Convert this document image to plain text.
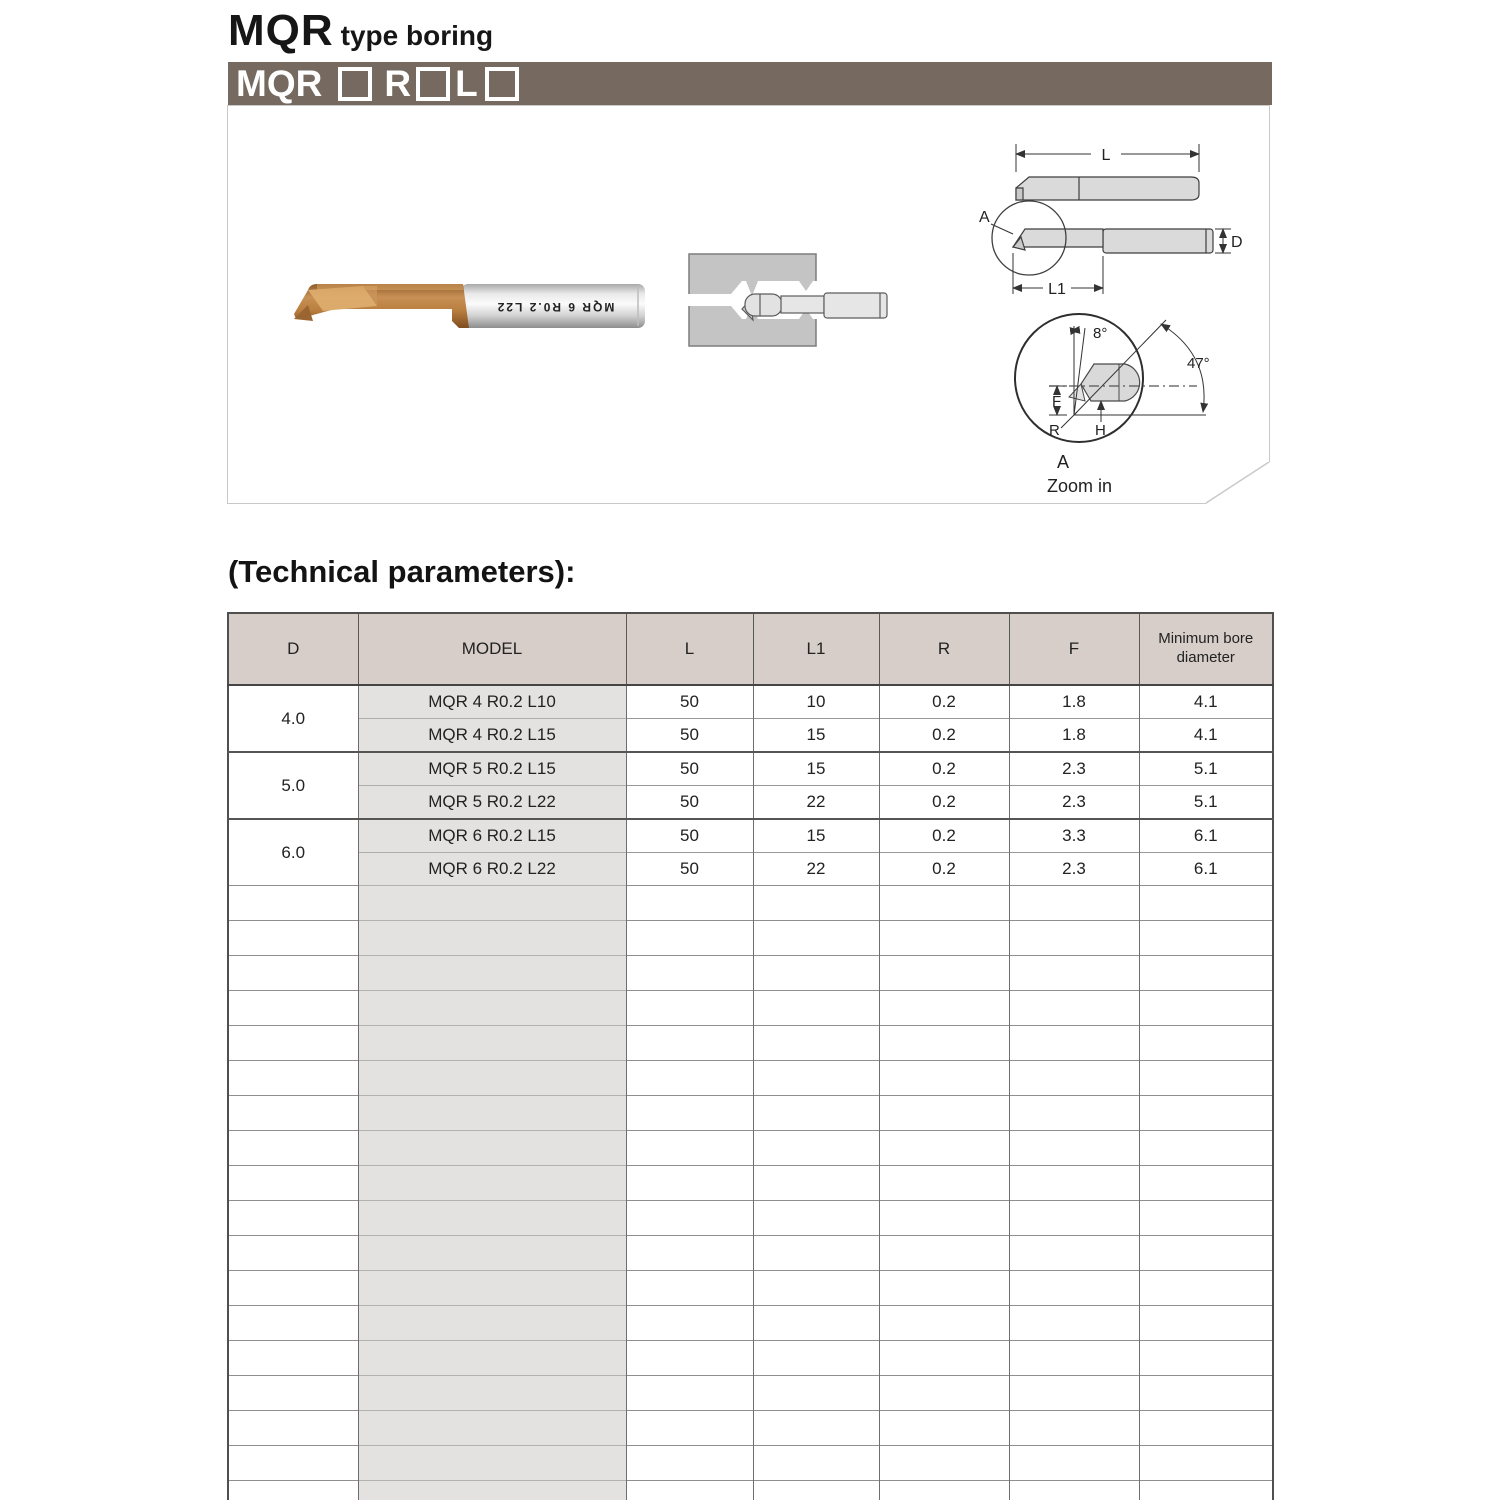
MQR type boring
MQR R L
MQR 6 R0.2 L22
L
A
D
L1
8°
47°
F
H
R
A
Zoom in
(Technical parameters):
D	MODEL	L	L1	R	F	Minimum bore diameter
4.0	MQR 4 R0.2 L10	50	10	0.2	1.8	4.1
	MQR 4 R0.2 L15	50	15	0.2	1.8	4.1
5.0	MQR 5 R0.2 L15	50	15	0.2	2.3	5.1
	MQR 5 R0.2 L22	50	22	0.2	2.3	5.1
6.0	MQR 6 R0.2 L15	50	15	0.2	3.3	6.1
	MQR 6 R0.2 L22	50	22	0.2	2.3	6.1
